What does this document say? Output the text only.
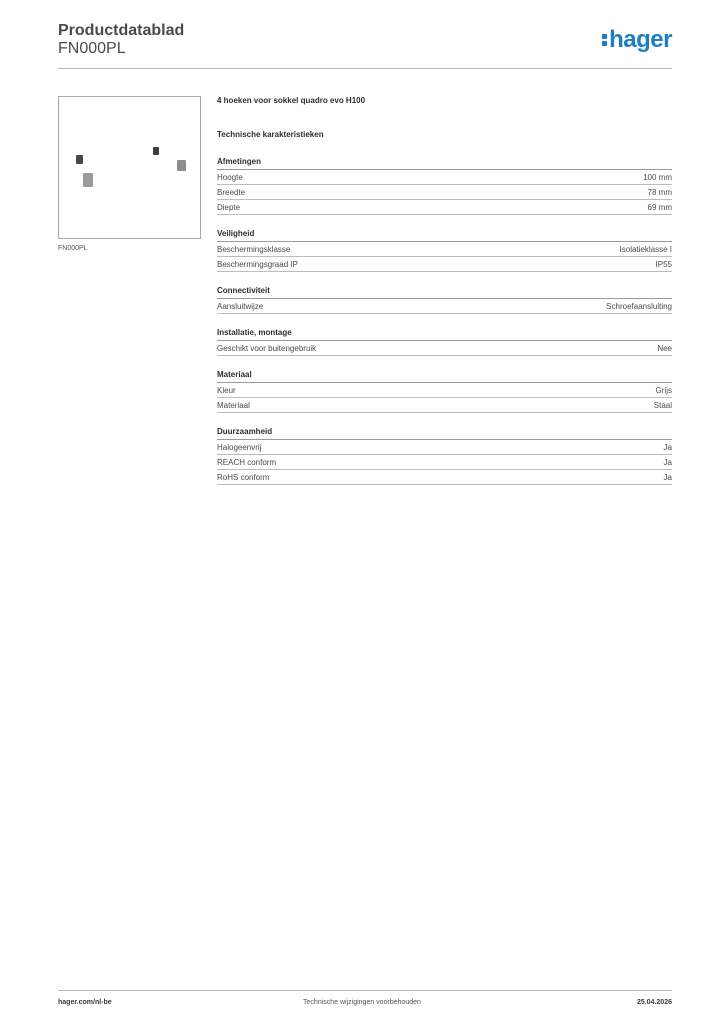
Productdatablad
FN000PL	hager
FN000PL
4 hoeken voor sokkel quadro evo H100
Technische karakteristieken
Afmetingen
Hoogte	100 mm
Breedte	78 mm
Diepte	69 mm
Veiligheid
Beschermingsklasse	Isolatieklasse I
Beschermingsgraad IP	IP55
Connectiviteit
Aansluitwijze	Schroefaansluiting
Installatie, montage
Geschikt voor buitengebruik	Nee
Materiaal
Kleur	Grijs
Materiaal	Staal
Duurzaamheid
Halogeenvrij	Ja
REACH conform	Ja
RoHS conform	Ja
hager.com/nl-be	Technische wijzigingen voorbehouden	25.04.2026
